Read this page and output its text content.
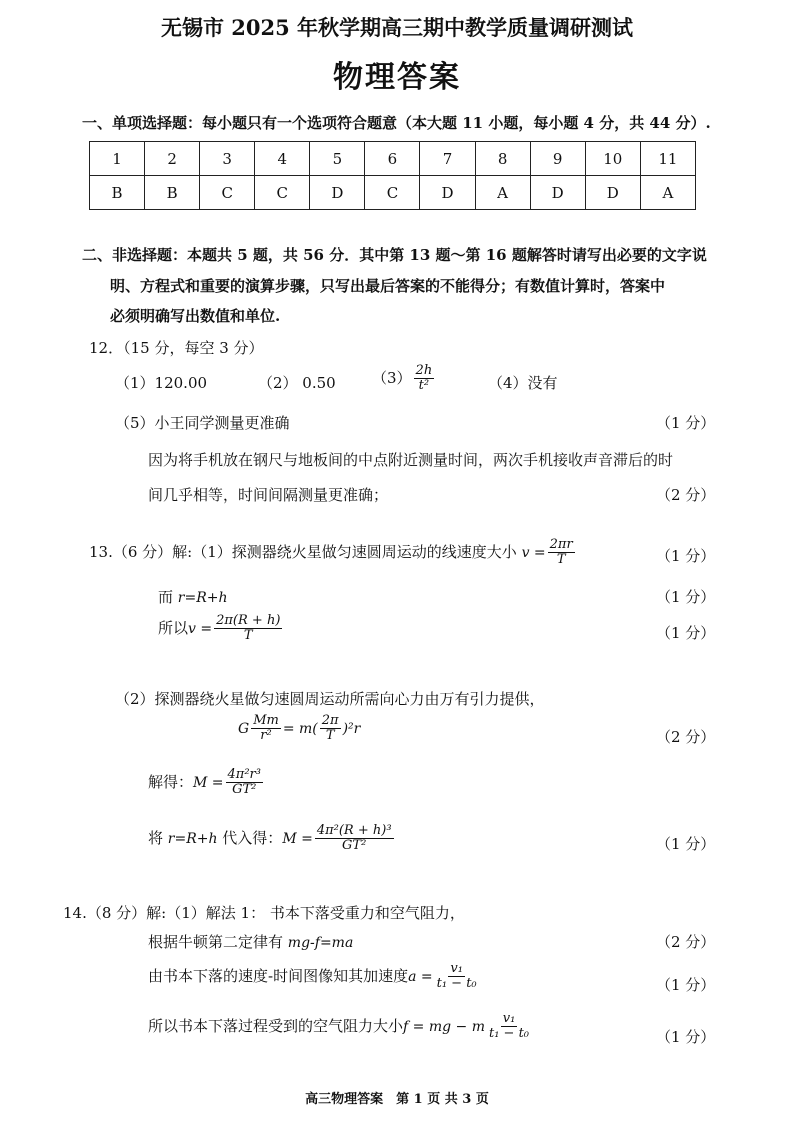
无锡市 2025 年秋学期高三期中教学质量调研测试
物理答案
一、单项选择题：每小题只有一个选项符合题意（本大题 11 小题，每小题 4 分，共 44 分）.
1	2	3	4	5	6	7	8	9	10	11
B	B	C	C	D	C	D	A	D	D	A
二、非选择题：本题共 5 题，共 56 分．其中第 13 题～第 16 题解答时请写出必要的文字说
明、方程式和重要的演算步骤，只写出最后答案的不能得分；有数值计算时，答案中
必须明确写出数值和单位.
12．（15 分，每空 3 分）
（1）120.00	（2） 0.50 $(3) \frac{2h}{\text{t²}}$	（4）没有
（5）小王同学测量更准确	（1 分）
因为将手机放在钢尺与地板间的中点附近测量时间，两次手机接收声音滞后的时
间几乎相等，时间间隔测量更准确；	（2 分）
13.（6 分）解:（1）探测器绕火星做匀速圆周运动的线速度大小 $v = \frac{2\pi r}{T}$	（1 分）
而 r=R+h	（1 分）
所以$v = \frac{2\pi(R + h)}{T}$	（1 分）
（2）探测器绕火星做匀速圆周运动所需向心力由万有引力提供，
G $\frac{Mm}{\text{r²}} = m( \frac{2\pi}{T} )^2r$	（2 分）
解得：$M = \frac{\text{4π²r³}}{\text{GT²}}$
将 r=R+h 代入得：$M = \frac{\text{4π²(R + h)³}}{\text{GT²}}$	（1 分）
14.（8 分）解:（1）解法 1： 书本下落受重力和空气阻力，
根据牛顿第二定律有 mg-f=ma	（2 分）
由书本下落的速度-时间图像知其加速度$a = \frac{\text{v₁}}{\text{t₁ − t₀}}$	（1 分）
所以书本下落过程受到的空气阻力大小f = mg − m $\frac{\text{v₁}}{\text{t₁ − t₀}}$	（1 分）
高三物理答案　第 1 页 共 3 页
